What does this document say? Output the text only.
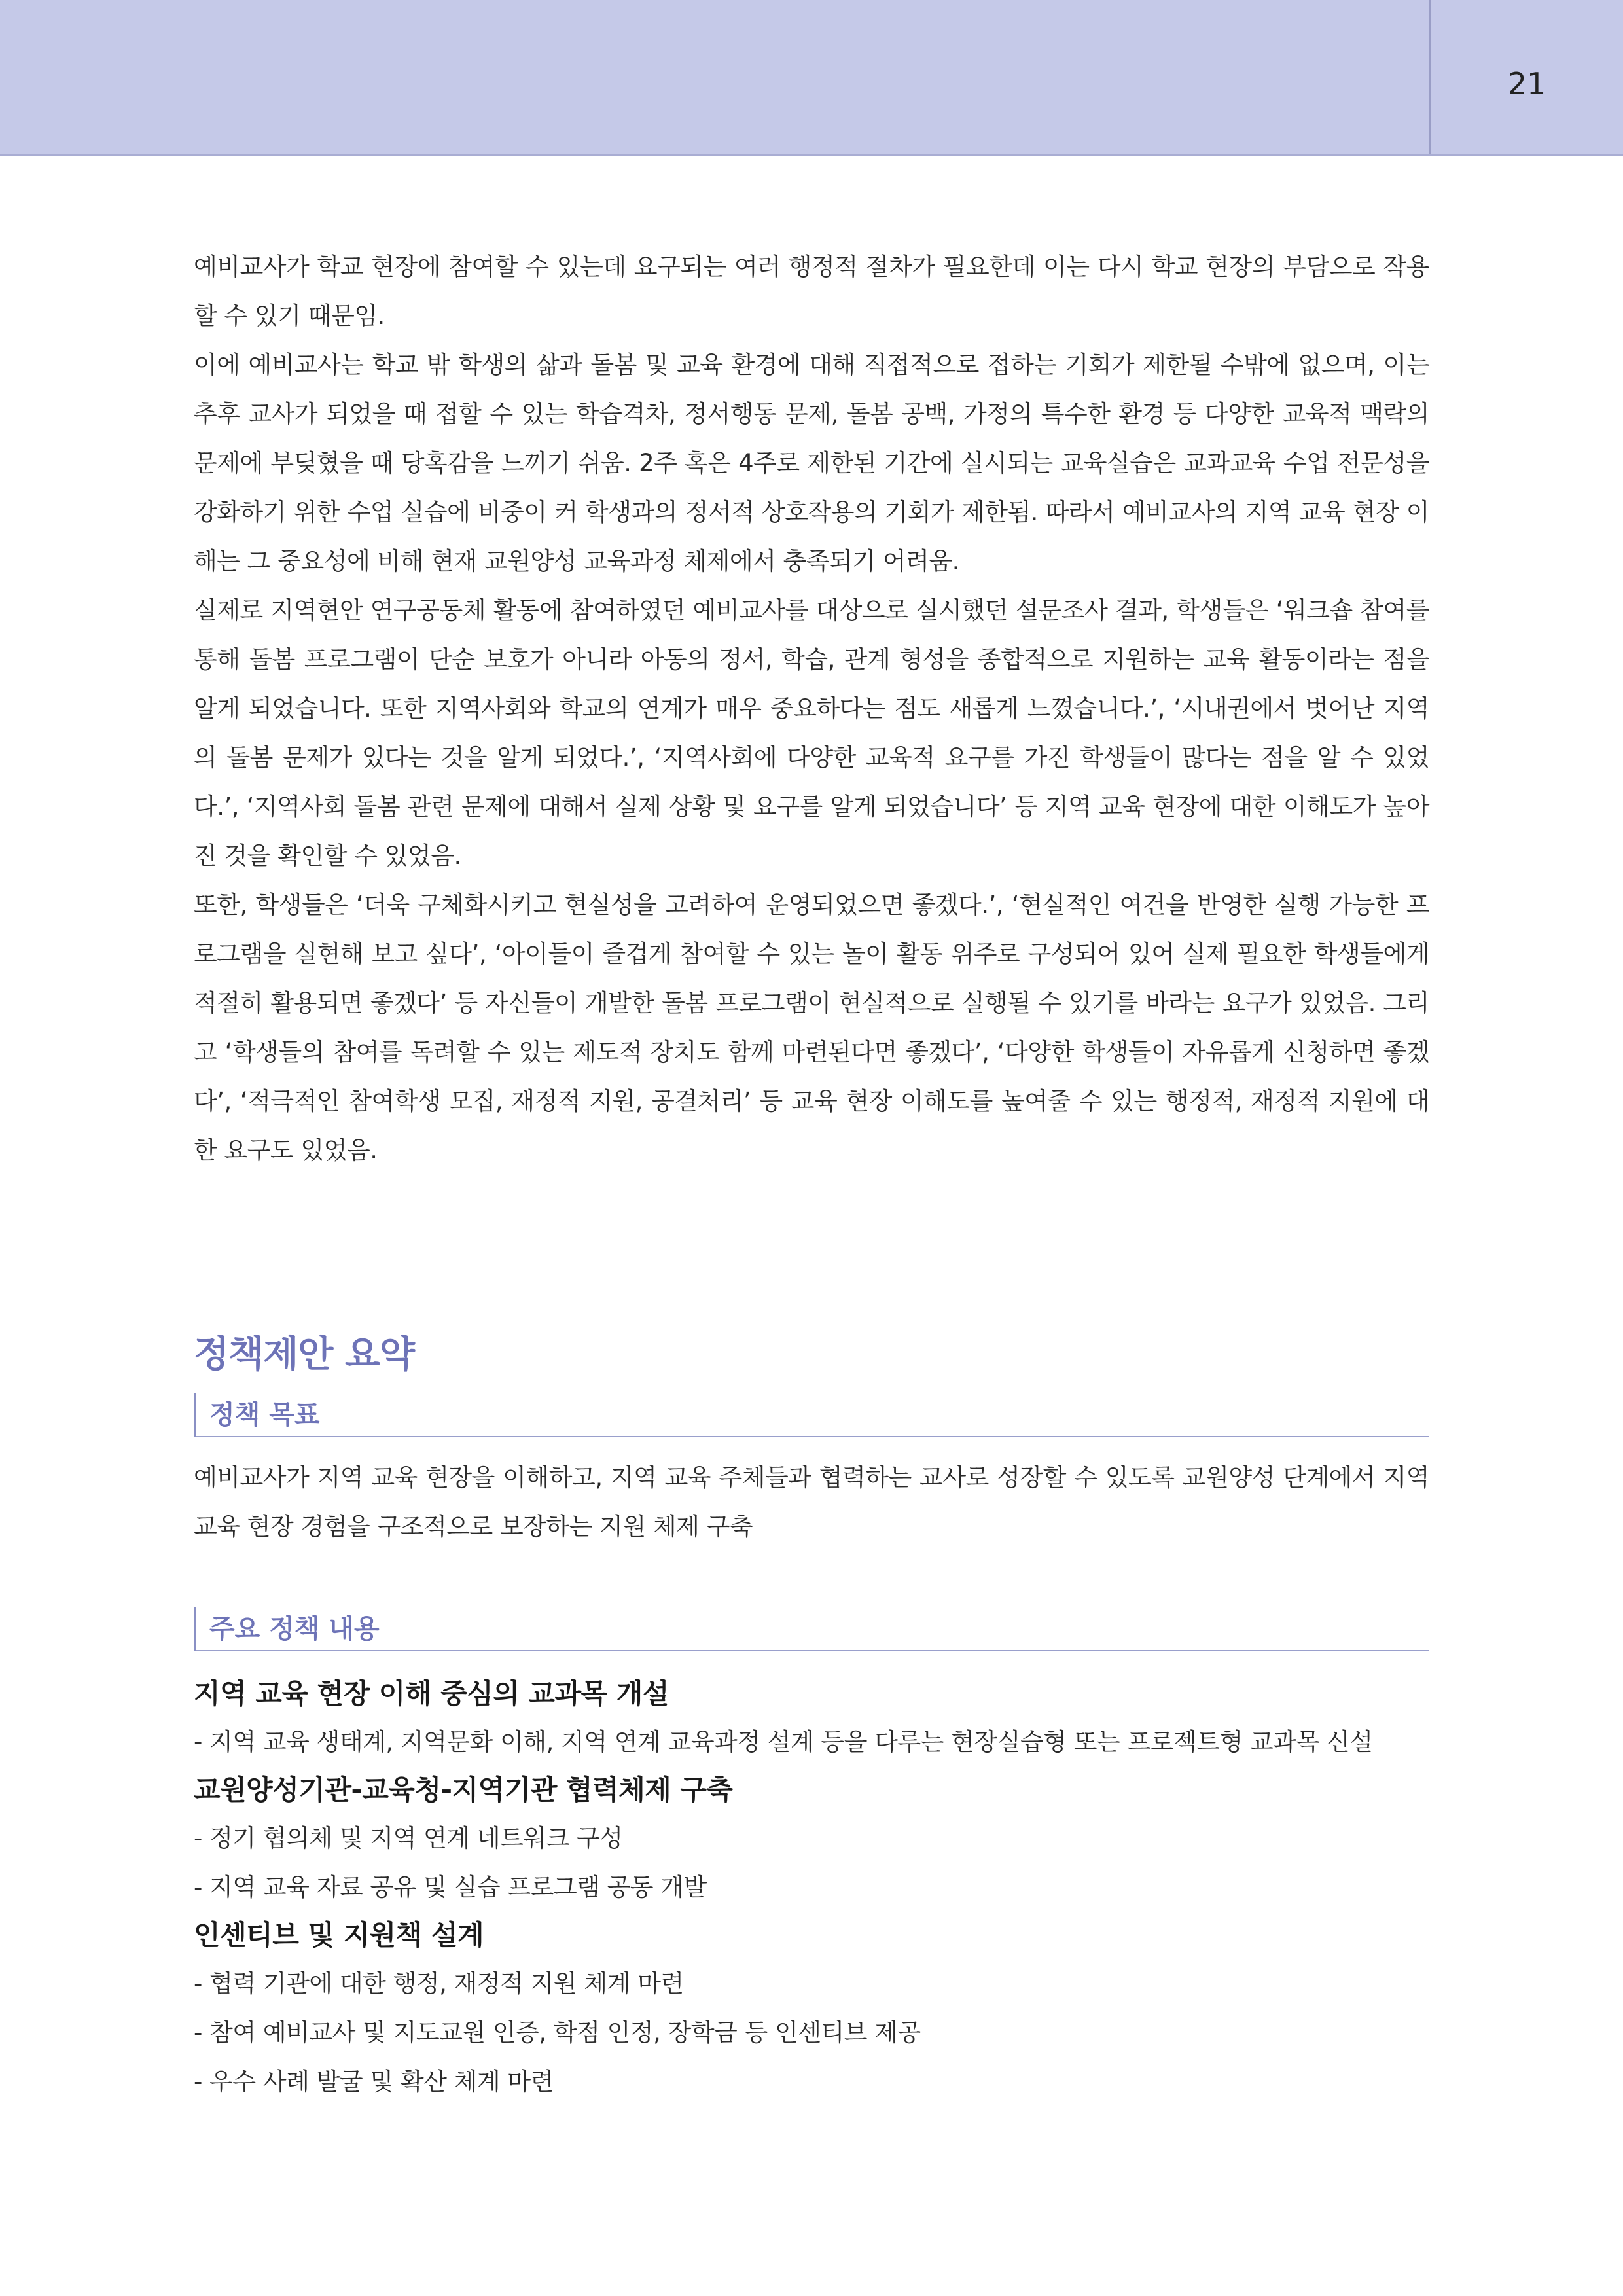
21

예비교사가 학교 현장에 참여할 수 있는데 요구되는 여러 행정적 절차가 필요한데 이는 다시 학교 현장의 부담으로 작용할 수 있기 때문임.

이에 예비교사는 학교 밖 학생의 삶과 돌봄 및 교육 환경에 대해 직접적으로 접하는 기회가 제한될 수밖에 없으며, 이는 추후 교사가 되었을 때 접할 수 있는 학습격차, 정서행동 문제, 돌봄 공백, 가정의 특수한 환경 등 다양한 교육적 맥락의 문제에 부딪혔을 때 당혹감을 느끼기 쉬움. 2주 혹은 4주로 제한된 기간에 실시되는 교육실습은 교과교육 수업 전문성을 강화하기 위한 수업 실습에 비중이 커 학생과의 정서적 상호작용의 기회가 제한됨. 따라서 예비교사의 지역 교육 현장 이해는 그 중요성에 비해 현재 교원양성 교육과정 체제에서 충족되기 어려움.

실제로 지역현안 연구공동체 활동에 참여하였던 예비교사를 대상으로 실시했던 설문조사 결과, 학생들은 ‘워크숍 참여를 통해 돌봄 프로그램이 단순 보호가 아니라 아동의 정서, 학습, 관계 형성을 종합적으로 지원하는 교육 활동이라는 점을 알게 되었습니다. 또한 지역사회와 학교의 연계가 매우 중요하다는 점도 새롭게 느꼈습니다.’, ‘시내권에서 벗어난 지역의 돌봄 문제가 있다는 것을 알게 되었다.’, ‘지역사회에 다양한 교육적 요구를 가진 학생들이 많다는 점을 알 수 있었다.’, ‘지역사회 돌봄 관련 문제에 대해서 실제 상황 및 요구를 알게 되었습니다’ 등 지역 교육 현장에 대한 이해도가 높아진 것을 확인할 수 있었음.

또한, 학생들은 ‘더욱 구체화시키고 현실성을 고려하여 운영되었으면 좋겠다.’, ‘현실적인 여건을 반영한 실행 가능한 프로그램을 실현해 보고 싶다’, ‘아이들이 즐겁게 참여할 수 있는 놀이 활동 위주로 구성되어 있어 실제 필요한 학생들에게 적절히 활용되면 좋겠다’ 등 자신들이 개발한 돌봄 프로그램이 현실적으로 실행될 수 있기를 바라는 요구가 있었음. 그리고 ‘학생들의 참여를 독려할 수 있는 제도적 장치도 함께 마련된다면 좋겠다’, ‘다양한 학생들이 자유롭게 신청하면 좋겠다’, ‘적극적인 참여학생 모집, 재정적 지원, 공결처리’ 등 교육 현장 이해도를 높여줄 수 있는 행정적, 재정적 지원에 대한 요구도 있었음.

정책제안 요약
정책 목표

예비교사가 지역 교육 현장을 이해하고, 지역 교육 주체들과 협력하는 교사로 성장할 수 있도록 교원양성 단계에서 지역 교육 현장 경험을 구조적으로 보장하는 지원 체제 구축

주요 정책 내용

지역 교육 현장 이해 중심의 교과목 개설

- 지역 교육 생태계, 지역문화 이해, 지역 연계 교육과정 설계 등을 다루는 현장실습형 또는 프로젝트형 교과목 신설

교원양성기관-교육청-지역기관 협력체제 구축

- 정기 협의체 및 지역 연계 네트워크 구성

- 지역 교육 자료 공유 및 실습 프로그램 공동 개발

인센티브 및 지원책 설계

- 협력 기관에 대한 행정, 재정적 지원 체계 마련

- 참여 예비교사 및 지도교원 인증, 학점 인정, 장학금 등 인센티브 제공

- 우수 사례 발굴 및 확산 체계 마련
